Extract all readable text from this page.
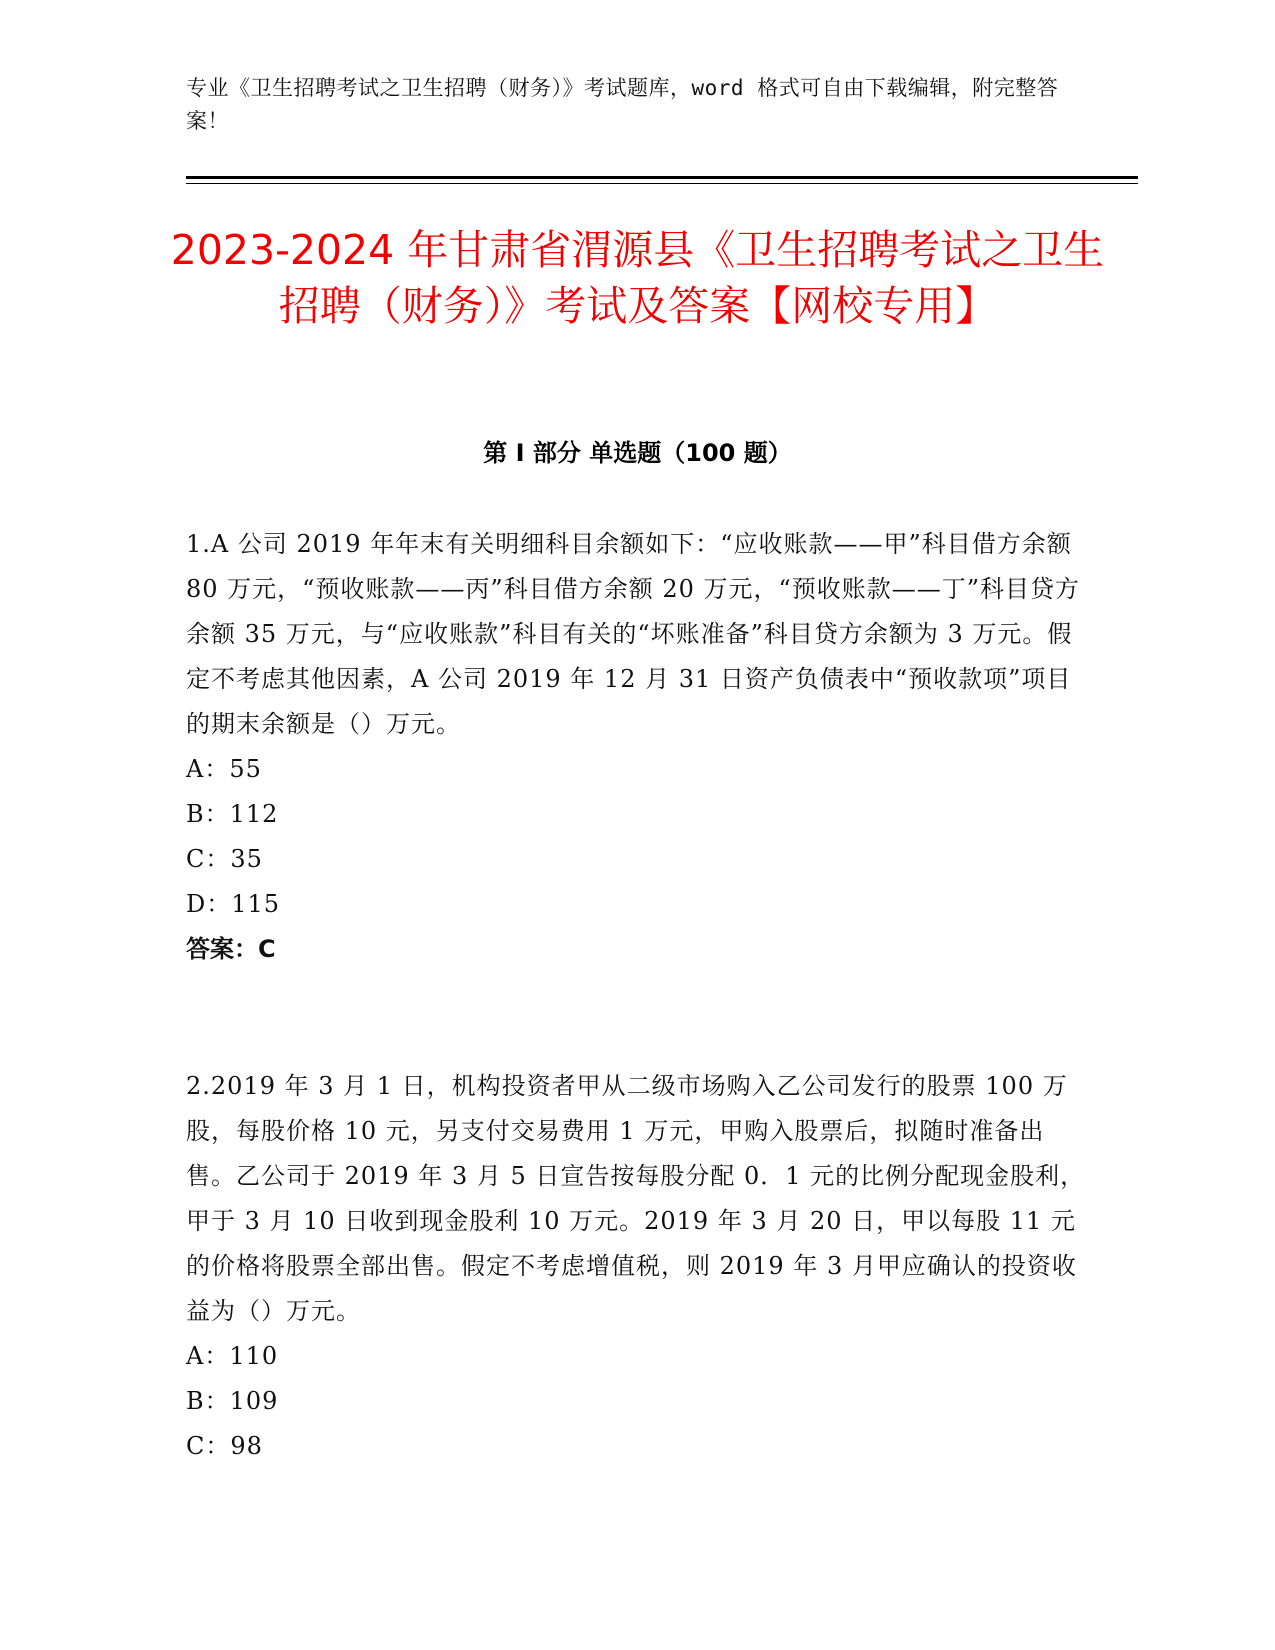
专业《卫生招聘考试之卫生招聘（财务）》考试题库，word 格式可自由下载编辑，附完整答案！
2023-2024 年甘肃省渭源县《卫生招聘考试之卫生招聘（财务）》考试及答案【网校专用】
第 I 部分 单选题（100 题）

1.A 公司 2019 年年末有关明细科目余额如下：“应收账款——甲”科目借方余额 80 万元，“预收账款——丙”科目借方余额 20 万元，“预收账款——丁”科目贷方余额 35 万元，与“应收账款”科目有关的“坏账准备”科目贷方余额为 3 万元。假定不考虑其他因素，A 公司 2019 年 12 月 31 日资产负债表中“预收款项”项目的期末余额是（）万元。

A：55

B：112

C：35

D：115

答案：C

2.2019 年 3 月 1 日，机构投资者甲从二级市场购入乙公司发行的股票 100 万股，每股价格 10 元，另支付交易费用 1 万元，甲购入股票后，拟随时准备出售。乙公司于 2019 年 3 月 5 日宣告按每股分配 0．1 元的比例分配现金股利，甲于 3 月 10 日收到现金股利 10 万元。2019 年 3 月 20 日，甲以每股 11 元的价格将股票全部出售。假定不考虑增值税，则 2019 年 3 月甲应确认的投资收益为（）万元。

A：110

B：109

C：98
